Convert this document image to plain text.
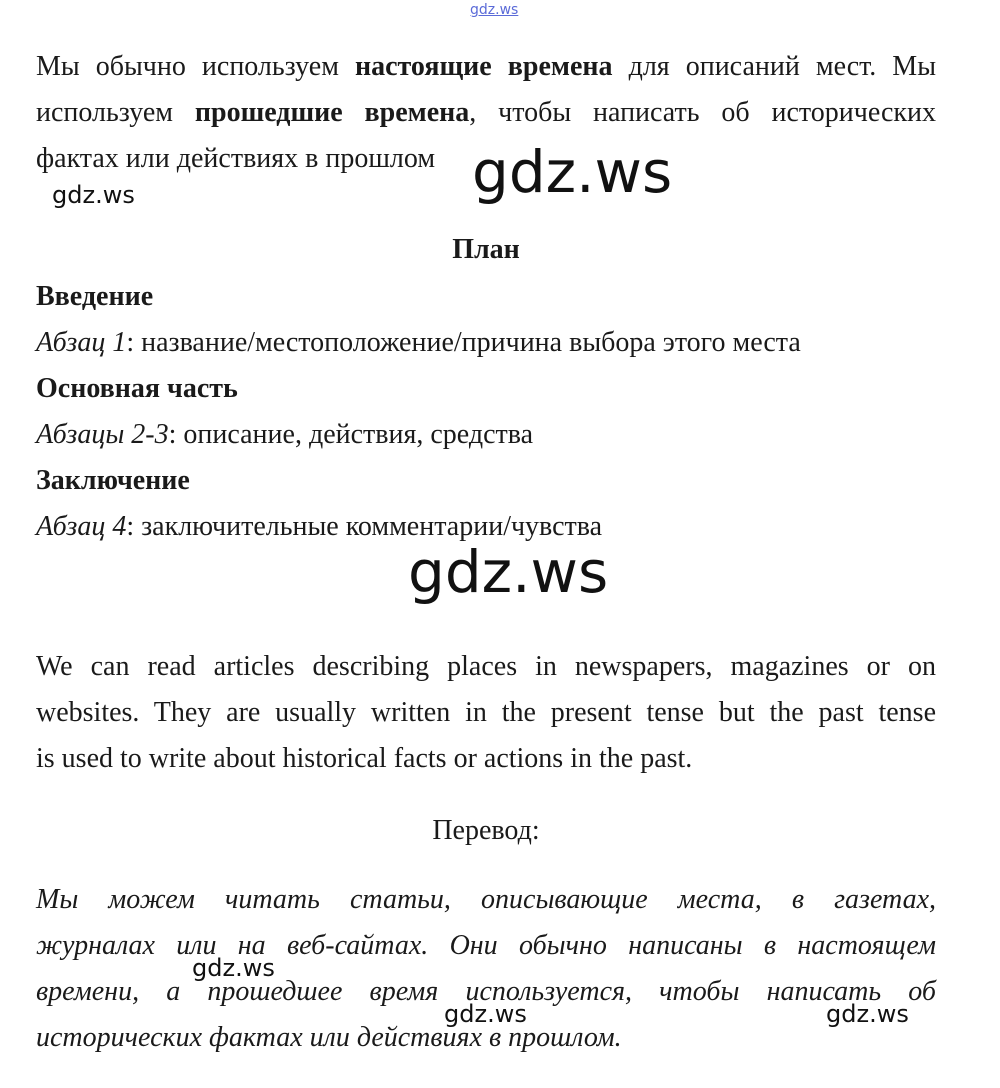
gdz.ws
Мы обычно используем настоящие времена для описаний мест. Мы
используем прошедшие времена, чтобы написать об исторических
фактах или действиях в прошлом

План

Введение

Абзац 1: название/местоположение/причина выбора этого места

Основная часть

Абзацы 2-3: описание, действия, средства

Заключение

Абзац 4: заключительные комментарии/чувства

We can read articles describing places in newspapers, magazines or on
websites. They are usually written in the present tense but the past tense
is used to write about historical facts or actions in the past.

Перевод:

Мы можем читать статьи, описывающие места, в газетах,
журналах или на веб-сайтах. Они обычно написаны в настоящем
времени, а прошедшее время используется, чтобы написать об
исторических фактах или действиях в прошлом.
gdz.ws
gdz.ws
gdz.ws
gdz.ws
gdz.ws	gdz.ws
